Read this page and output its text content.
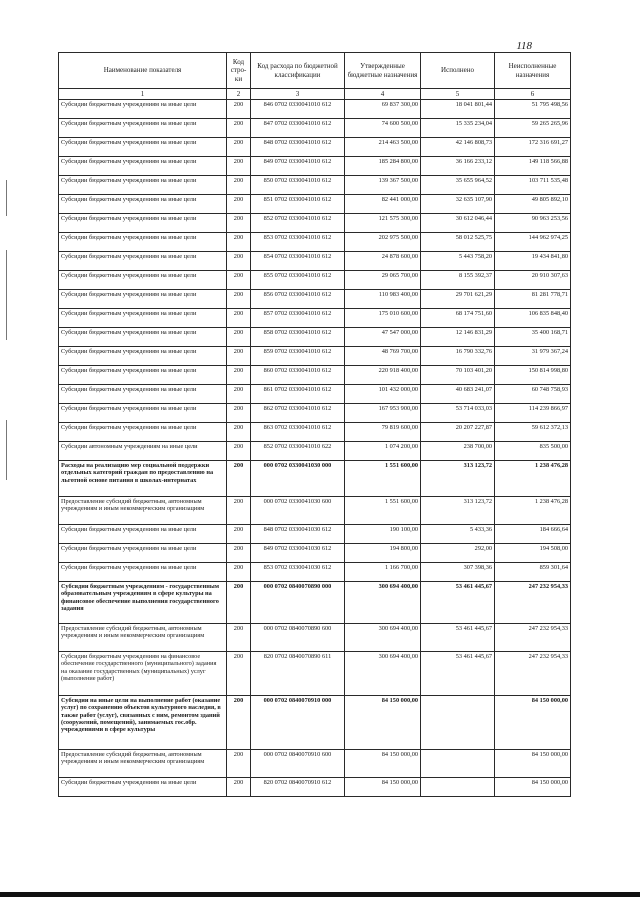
118
Наименование показателя	Код стро-ки	Код расхода по бюджетной классификации	Утвержденные бюджетные назначения	Исполнено	Неисполненные назначения
1	2	3	4	5	6
Субсидии бюджетным учреждениям на иные цели	200	846 0702 0330041010 612	69 837 300,00	18 041 801,44	51 795 498,56
Субсидии бюджетным учреждениям на иные цели	200	847 0702 0330041010 612	74 600 500,00	15 335 234,04	59 265 265,96
Субсидии бюджетным учреждениям на иные цели	200	848 0702 0330041010 612	214 463 500,00	42 146 808,73	172 316 691,27
Субсидии бюджетным учреждениям на иные цели	200	849 0702 0330041010 612	185 284 800,00	36 166 233,12	149 118 566,88
Субсидии бюджетным учреждениям на иные цели	200	850 0702 0330041010 612	139 367 500,00	35 655 964,52	103 711 535,48
Субсидии бюджетным учреждениям на иные цели	200	851 0702 0330041010 612	82 441 000,00	32 635 107,90	49 805 892,10
Субсидии бюджетным учреждениям на иные цели	200	852 0702 0330041010 612	121 575 300,00	30 612 046,44	90 963 253,56
Субсидии бюджетным учреждениям на иные цели	200	853 0702 0330041010 612	202 975 500,00	58 012 525,75	144 962 974,25
Субсидии бюджетным учреждениям на иные цели	200	854 0702 0330041010 612	24 878 600,00	5 443 758,20	19 434 841,80
Субсидии бюджетным учреждениям на иные цели	200	855 0702 0330041010 612	29 065 700,00	8 155 392,37	20 910 307,63
Субсидии бюджетным учреждениям на иные цели	200	856 0702 0330041010 612	110 983 400,00	29 701 621,29	81 281 778,71
Субсидии бюджетным учреждениям на иные цели	200	857 0702 0330041010 612	175 010 600,00	68 174 751,60	106 835 848,40
Субсидии бюджетным учреждениям на иные цели	200	858 0702 0330041010 612	47 547 000,00	12 146 831,29	35 400 168,71
Субсидии бюджетным учреждениям на иные цели	200	859 0702 0330041010 612	48 769 700,00	16 790 332,76	31 979 367,24
Субсидии бюджетным учреждениям на иные цели	200	860 0702 0330041010 612	220 918 400,00	70 103 401,20	150 814 998,80
Субсидии бюджетным учреждениям на иные цели	200	861 0702 0330041010 612	101 432 000,00	40 683 241,07	60 748 758,93
Субсидии бюджетным учреждениям на иные цели	200	862 0702 0330041010 612	167 953 900,00	53 714 033,03	114 239 866,97
Субсидии бюджетным учреждениям на иные цели	200	863 0702 0330041010 612	79 819 600,00	20 207 227,87	59 612 372,13
Субсидии автономным учреждениям на иные цели	200	852 0702 0330041010 622	1 074 200,00	238 700,00	835 500,00
Расходы на реализацию мер социальной поддержки отдельных категорий граждан по предоставлению на льготной основе питания в школах-интернатах	200	000 0702 0330041030 000	1 551 600,00	313 123,72	1 238 476,28
Предоставление субсидий бюджетным, автономным учреждениям и иным некоммерческим организациям	200	000 0702 0330041030 600	1 551 600,00	313 123,72	1 238 476,28
Субсидии бюджетным учреждениям на иные цели	200	848 0702 0330041030 612	190 100,00	5 433,36	184 666,64
Субсидии бюджетным учреждениям на иные цели	200	849 0702 0330041030 612	194 800,00	292,00	194 508,00
Субсидии бюджетным учреждениям на иные цели	200	853 0702 0330041030 612	1 166 700,00	307 398,36	859 301,64
Субсидии бюджетным учреждениям - государственным образовательным учреждениям в сфере культуры на финансовое обеспечение выполнения государственного задания	200	000 0702 0840070890 000	300 694 400,00	53 461 445,67	247 232 954,33
Предоставление субсидий бюджетным, автономным учреждениям и иным некоммерческим организациям	200	000 0702 0840070890 600	300 694 400,00	53 461 445,67	247 232 954,33
Субсидии бюджетным учреждениям на финансовое обеспечение государственного (муниципального) задания на оказание государственных (муниципальных) услуг (выполнение работ)	200	820 0702 0840070890 611	300 694 400,00	53 461 445,67	247 232 954,33
Субсидии на иные цели на выполнение работ (оказание услуг) по сохранению объектов культурного наследия, в также работ (услуг), связанных с ним, ремонтом зданий (сооружений, помещений), занимаемых гос.обр. учреждениями в сфере культуры	200	000 0702 0840070910 000	84 150 000,00		84 150 000,00
Предоставление субсидий бюджетным, автономным учреждениям и иным некоммерческим организациям	200	000 0702 0840070910 600	84 150 000,00		84 150 000,00
Субсидии бюджетным учреждениям на иные цели	200	820 0702 0840070910 612	84 150 000,00		84 150 000,00
